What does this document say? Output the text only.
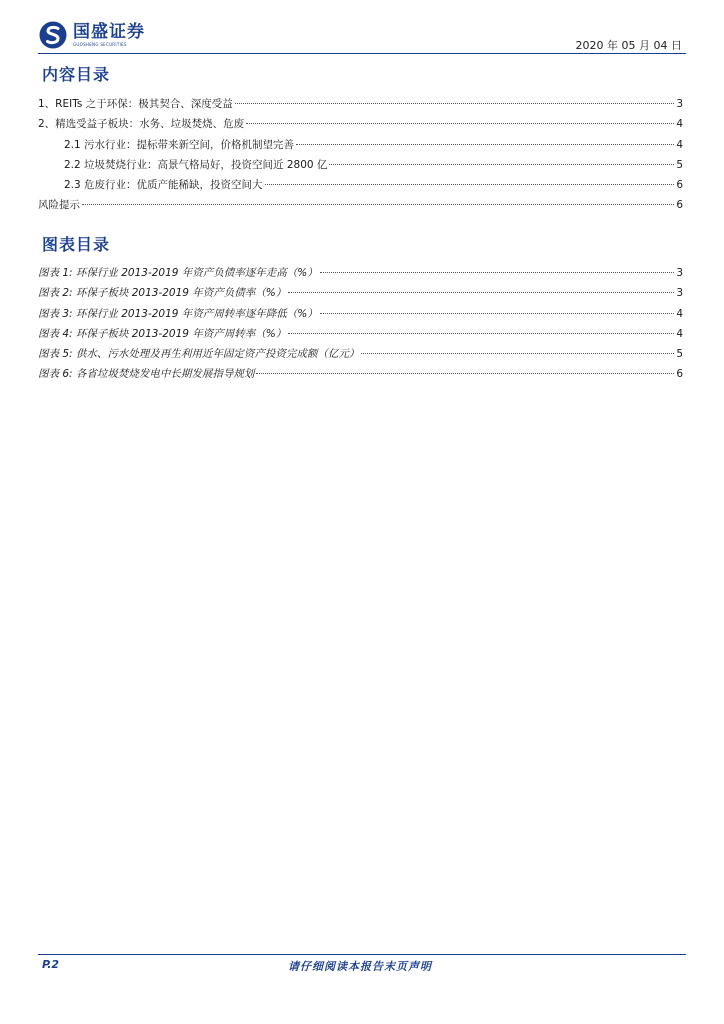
国盛证券
GUOSHENG SECURITIES	2020 年 05 月 04 日
内容目录
1、REITs 之于环保：极其契合、深度受益	3
2、精选受益子板块：水务、垃圾焚烧、危废	4
2.1 污水行业：提标带来新空间，价格机制望完善	4
2.2 垃圾焚烧行业：高景气格局好，投资空间近 2800 亿	5
2.3 危废行业：优质产能稀缺，投资空间大	6
风险提示	6
图表目录
图表 1: 环保行业 2013-2019 年资产负债率逐年走高（%）	3
图表 2: 环保子板块 2013-2019 年资产负债率（%）	3
图表 3: 环保行业 2013-2019 年资产周转率逐年降低（%）	4
图表 4: 环保子板块 2013-2019 年资产周转率（%）	4
图表 5: 供水、污水处理及再生利用近年固定资产投资完成额（亿元）	5
图表 6: 各省垃圾焚烧发电中长期发展指导规划	6
P.2	请仔细阅读本报告末页声明
